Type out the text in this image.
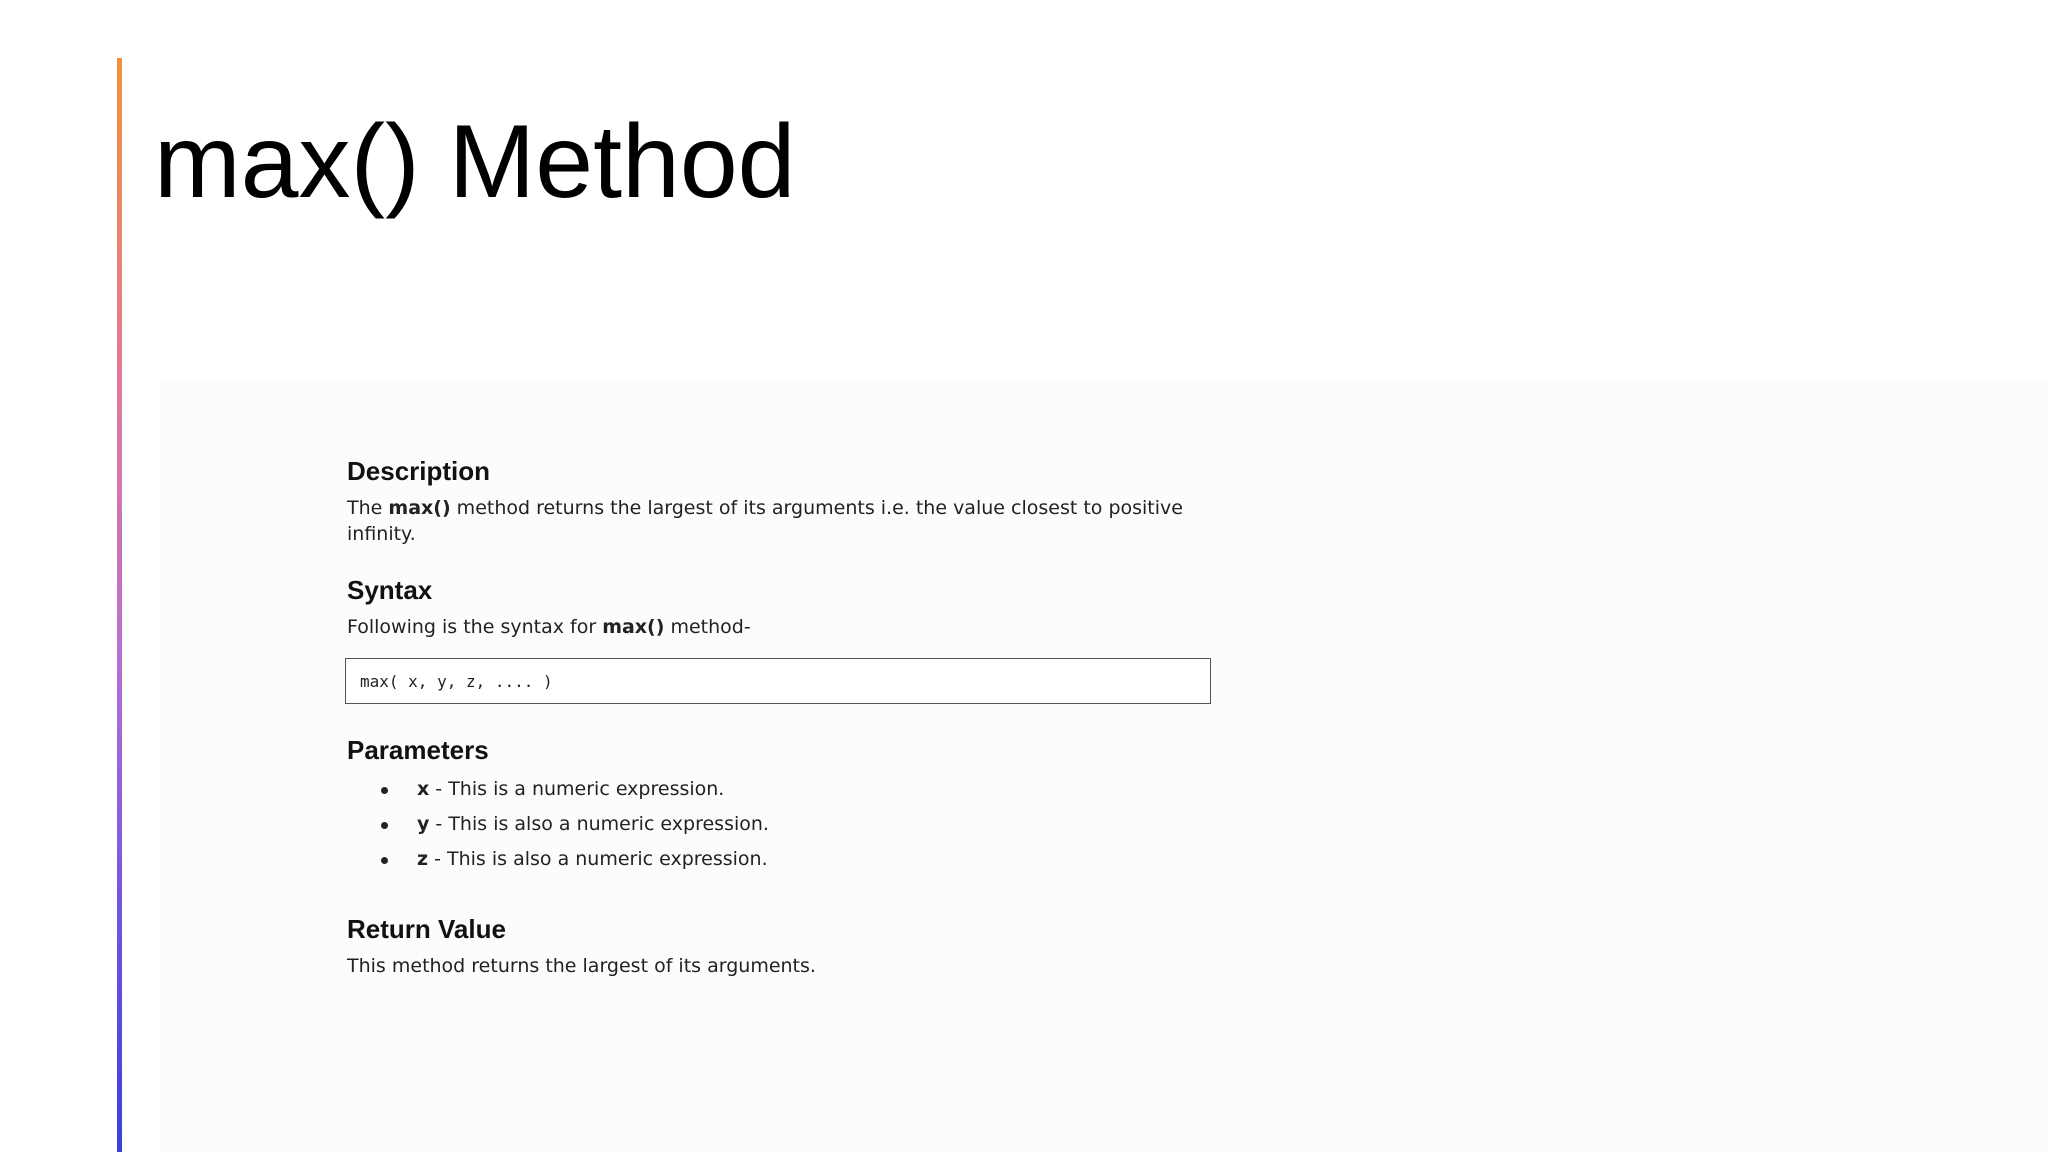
max() Method
Description

The max() method returns the largest of its arguments i.e. the value closest to positive infinity.

Syntax

Following is the syntax for max() method-

max( x, y, z, .... )
Parameters
x - This is a numeric expression.
y - This is also a numeric expression.
z - This is also a numeric expression.
Return Value

This method returns the largest of its arguments.
